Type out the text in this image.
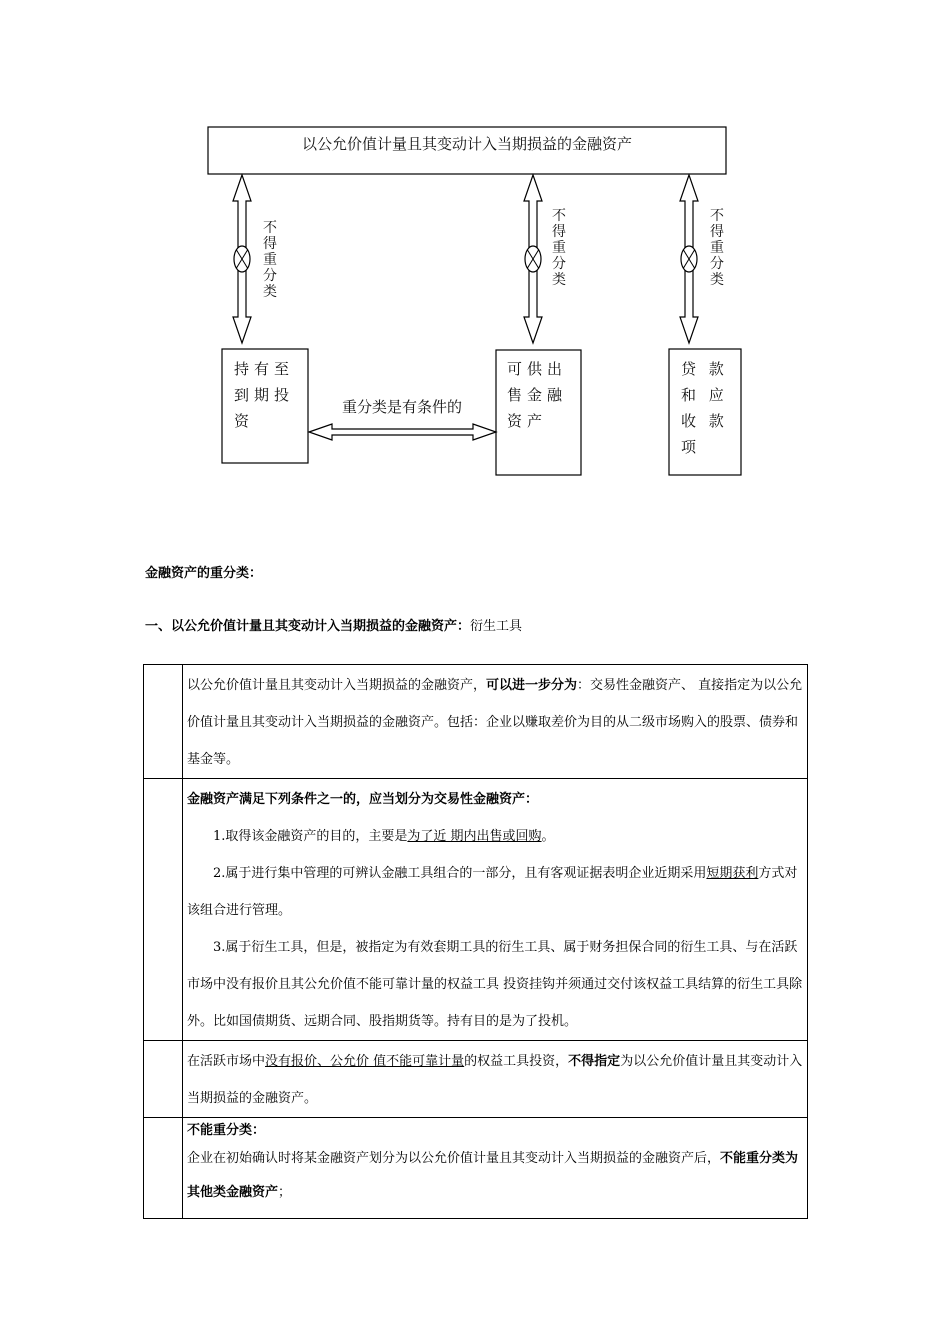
以公允价值计量且其变动计入当期损益的金融资产
不
得
重
分
类
不
得
重
分
类
不
得
重
分
类
持有至
到期投
资
可供出
售金融
资产
贷 款
和 应
收 款
项
重分类是有条件的
金融资产的重分类：
一、以公允价值计量且其变动计入当期损益的金融资产：衍生工具
	以公允价值计量且其变动计入当期损益的金融资产，可以进一步分为：交易性金融资产、 直接指定为以公允价值计量且其变动计入当期损益的金融资产。包括：企业以赚取差价为目的从二级市场购入的股票、债券和基金等。

	金融资产满足下列条件之一的，应当划分为交易性金融资产：

1.取得该金融资产的目的，主要是为了近 期内出售或回购。

2.属于进行集中管理的可辨认金融工具组合的一部分，且有客观证据表明企业近期采用短期获利方式对该组合进行管理。

3.属于衍生工具，但是，被指定为有效套期工具的衍生工具、属于财务担保合同的衍生工具、与在活跃市场中没有报价且其公允价值不能可靠计量的权益工具 投资挂钩并须通过交付该权益工具结算的衍生工具除外。比如国债期货、远期合同、股指期货等。持有目的是为了投机。

	在活跃市场中没有报价、公允价 值不能可靠计量的权益工具投资，不得指定为以公允价值计量且其变动计入当期损益的金融资产。

	不能重分类：

企业在初始确认时将某金融资产划分为以公允价值计量且其变动计入当期损益的金融资产后，不能重分类为其他类金融资产；
